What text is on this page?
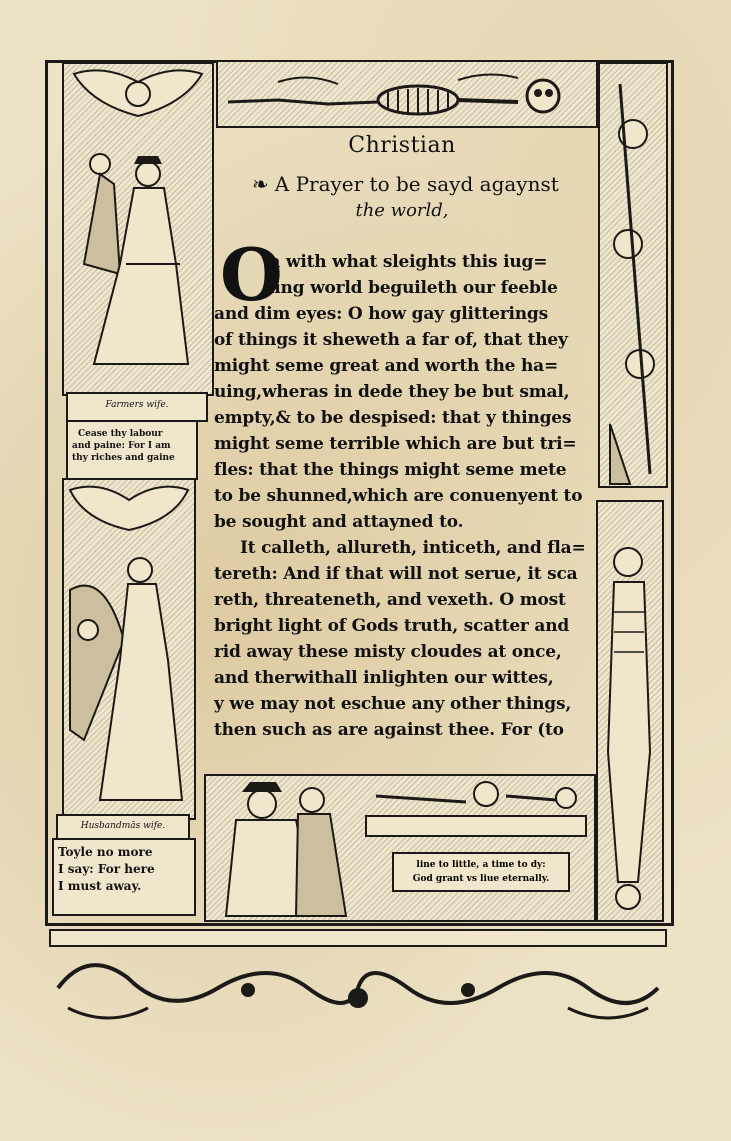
Farmers wife.
Cease thy labour
and paine: For I am
thy riches and gaine
Husbandmās wife.
Toyle no more
I say: For here
I must away.
line to little, a time to dy:
God grant vs liue eternally.
Christian
❧ A Prayer to be sayd agaynst
the world,
O
h with what sleights this iug=
ling world beguileth our feeble
and dim eyes: O how gay glitterings
of things it sheweth a far of, that they
might seme great and worth the ha=
uing,wheras in dede they be but smal,
empty,& to be despised: that y thinges
might seme terrible which are but tri=
fles: that the things might seme mete
to be shunned,which are conuenyent to
be sought and attayned to.
It calleth, allureth, inticeth, and fla=
tereth: And if that will not serue, it sca
reth, threateneth, and vexeth. O most
bright light of Gods truth, scatter and
rid away these misty cloudes at once,
and therwithall inlighten our wittes,
y we may not eschue any other things,
then such as are against thee. For (to
